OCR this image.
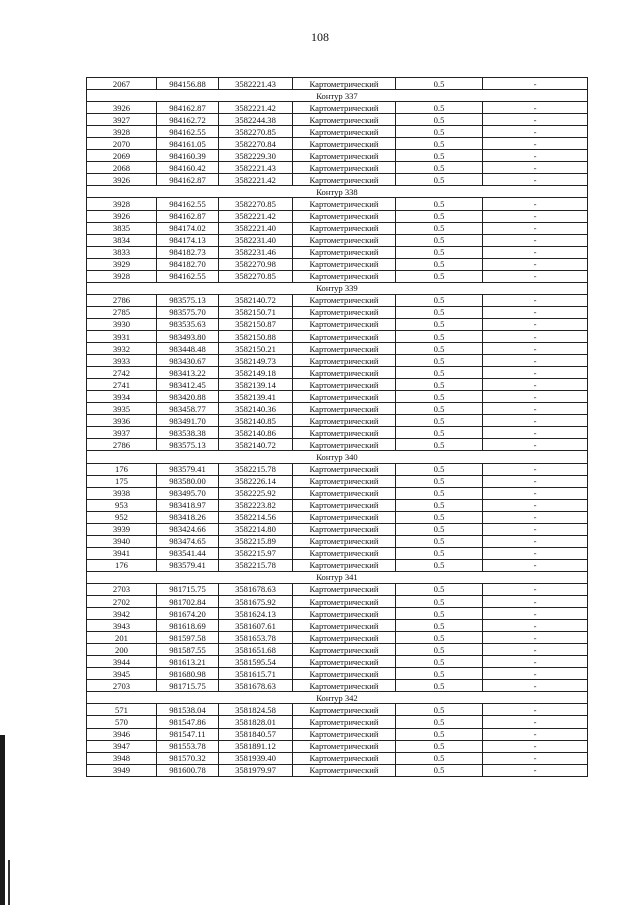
108
2067	984156.88	3582221.43	Картометрический	0.5	-
Контур 337					
3926	984162.87	3582221.42	Картометрический	0.5	-
3927	984162.72	3582244.38	Картометрический	0.5	-
3928	984162.55	3582270.85	Картометрический	0.5	-
2070	984161.05	3582270.84	Картометрический	0.5	-
2069	984160.39	3582229.30	Картометрический	0.5	-
2068	984160.42	3582221.43	Картометрический	0.5	-
3926	984162.87	3582221.42	Картометрический	0.5	-
Контур 338					
3928	984162.55	3582270.85	Картометрический	0.5	-
3926	984162.87	3582221.42	Картометрический	0.5	-
3835	984174.02	3582221.40	Картометрический	0.5	-
3834	984174.13	3582231.40	Картометрический	0.5	-
3833	984182.73	3582231.46	Картометрический	0.5	-
3929	984182.70	3582270.98	Картометрический	0.5	-
3928	984162.55	3582270.85	Картометрический	0.5	-
Контур 339					
2786	983575.13	3582140.72	Картометрический	0.5	-
2785	983575.70	3582150.71	Картометрический	0.5	-
3930	983535.63	3582150.87	Картометрический	0.5	-
3931	983493.80	3582150.88	Картометрический	0.5	-
3932	983448.48	3582150.21	Картометрический	0.5	-
3933	983430.67	3582149.73	Картометрический	0.5	-
2742	983413.22	3582149.18	Картометрический	0.5	-
2741	983412.45	3582139.14	Картометрический	0.5	-
3934	983420.88	3582139.41	Картометрический	0.5	-
3935	983458.77	3582140.36	Картометрический	0.5	-
3936	983491.70	3582140.85	Картометрический	0.5	-
3937	983538.38	3582140.86	Картометрический	0.5	-
2786	983575.13	3582140.72	Картометрический	0.5	-
Контур 340					
176	983579.41	3582215.78	Картометрический	0.5	-
175	983580.00	3582226.14	Картометрический	0.5	-
3938	983495.70	3582225.92	Картометрический	0.5	-
953	983418.97	3582223.82	Картометрический	0.5	-
952	983418.26	3582214.56	Картометрический	0.5	-
3939	983424.66	3582214.80	Картометрический	0.5	-
3940	983474.65	3582215.89	Картометрический	0.5	-
3941	983541.44	3582215.97	Картометрический	0.5	-
176	983579.41	3582215.78	Картометрический	0.5	-
Контур 341					
2703	981715.75	3581678.63	Картометрический	0.5	-
2702	981702.84	3581675.92	Картометрический	0.5	-
3942	981674.20	3581624.13	Картометрический	0.5	-
3943	981618.69	3581607.61	Картометрический	0.5	-
201	981597.58	3581653.78	Картометрический	0.5	-
200	981587.55	3581651.68	Картометрический	0.5	-
3944	981613.21	3581595.54	Картометрический	0.5	-
3945	981680.98	3581615.71	Картометрический	0.5	-
2703	981715.75	3581678.63	Картометрический	0.5	-
Контур 342					
571	981538.04	3581824.58	Картометрический	0.5	-
570	981547.86	3581828.01	Картометрический	0.5	-
3946	981547.11	3581840.57	Картометрический	0.5	-
3947	981553.78	3581891.12	Картометрический	0.5	-
3948	981570.32	3581939.40	Картометрический	0.5	-
3949	981600.78	3581979.97	Картометрический	0.5	-
